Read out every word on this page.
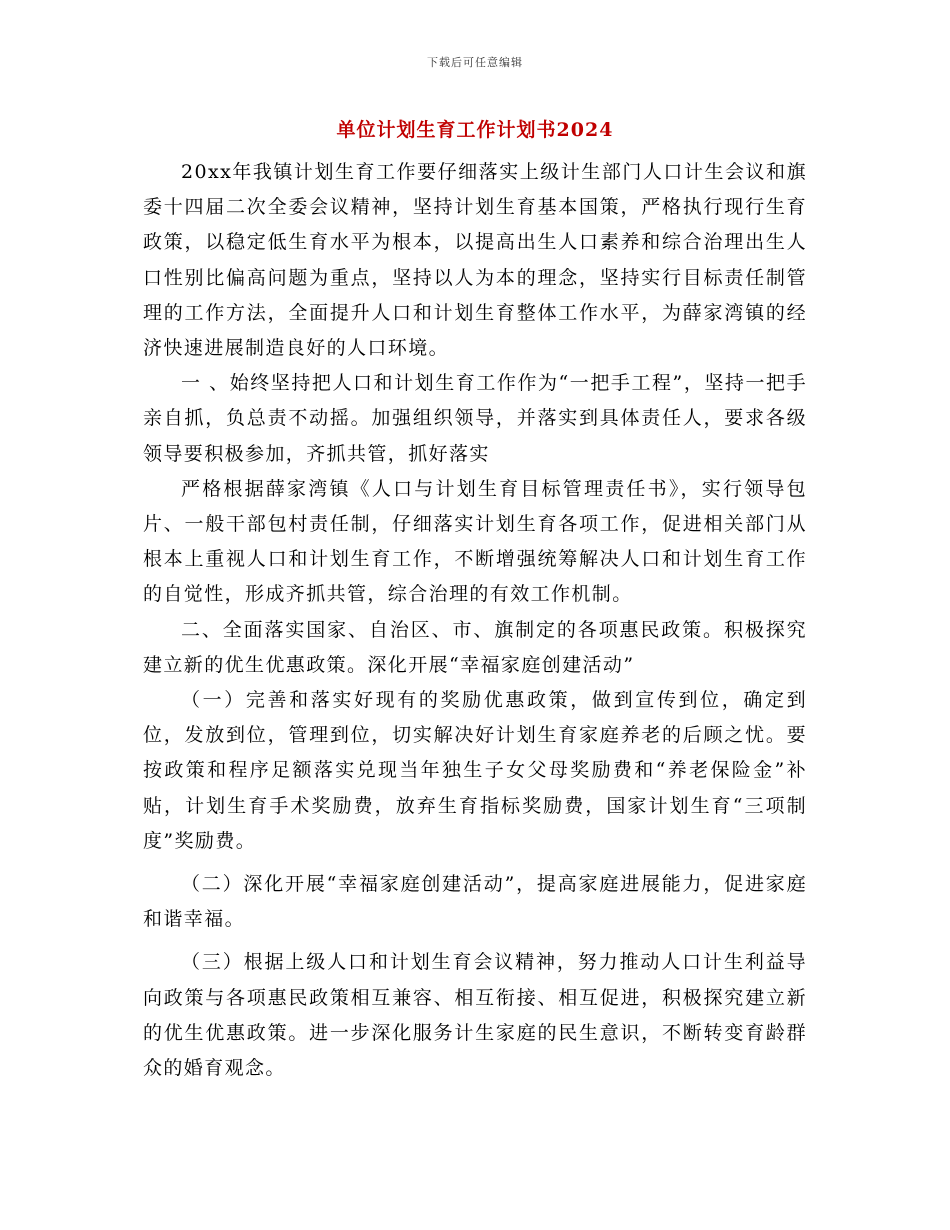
下载后可任意编辑
单位计划生育工作计划书2024

20xx年我镇计划生育工作要仔细落实上级计生部门人口计生会议和旗委十四届二次全委会议精神，坚持计划生育基本国策，严格执行现行生育政策，以稳定低生育水平为根本，以提高出生人口素养和综合治理出生人口性别比偏高问题为重点，坚持以人为本的理念，坚持实行目标责任制管理的工作方法，全面提升人口和计划生育整体工作水平，为薛家湾镇的经济快速进展制造良好的人口环境。

一 、始终坚持把人口和计划生育工作作为“一把手工程”，坚持一把手亲自抓，负总责不动摇。加强组织领导，并落实到具体责任人，要求各级领导要积极参加，齐抓共管，抓好落实

严格根据薛家湾镇《人口与计划生育目标管理责任书》，实行领导包片、一般干部包村责任制，仔细落实计划生育各项工作，促进相关部门从根本上重视人口和计划生育工作，不断增强统筹解决人口和计划生育工作的自觉性，形成齐抓共管，综合治理的有效工作机制。

二、全面落实国家、自治区、市、旗制定的各项惠民政策。积极探究建立新的优生优惠政策。深化开展“幸福家庭创建活动”

（一）完善和落实好现有的奖励优惠政策，做到宣传到位，确定到位，发放到位，管理到位，切实解决好计划生育家庭养老的后顾之忧。要按政策和程序足额落实兑现当年独生子女父母奖励费和“养老保险金”补贴，计划生育手术奖励费，放弃生育指标奖励费，国家计划生育“三项制度”奖励费。

（二）深化开展“幸福家庭创建活动”，提高家庭进展能力，促进家庭和谐幸福。

（三）根据上级人口和计划生育会议精神，努力推动人口计生利益导向政策与各项惠民政策相互兼容、相互衔接、相互促进，积极探究建立新的优生优惠政策。进一步深化服务计生家庭的民生意识，不断转变育龄群众的婚育观念。
